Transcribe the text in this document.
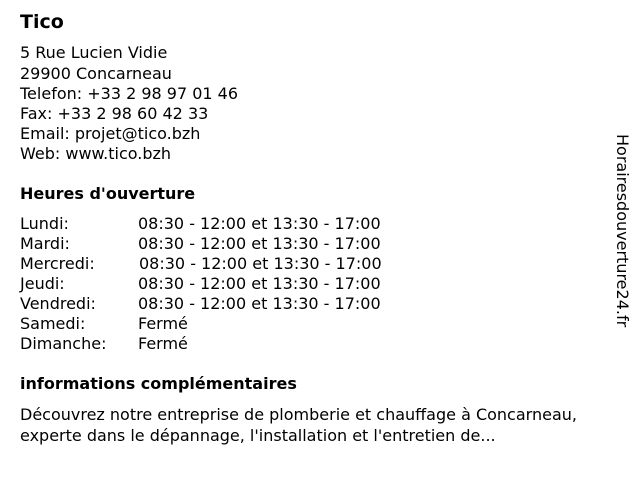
Tico
5 Rue Lucien Vidie
29900 Concarneau
Telefon: +33 2 98 97 01 46
Fax: +33 2 98 60 42 33
Email: projet@tico.bzh
Web: www.tico.bzh
Heures d'ouverture
Lundi:	08:30 - 12:00 et 13:30 - 17:00
Mardi:	08:30 - 12:00 et 13:30 - 17:00
Mercredi:	08:30 - 12:00 et 13:30 - 17:00
Jeudi:	08:30 - 12:00 et 13:30 - 17:00
Vendredi:	08:30 - 12:00 et 13:30 - 17:00
Samedi:	Fermé
Dimanche: Fermé
informations complémentaires
Découvrez notre entreprise de plomberie et chauffage à Concarneau,
experte dans le dépannage, l'installation et l'entretien de...
Horairesdouverture24.fr
